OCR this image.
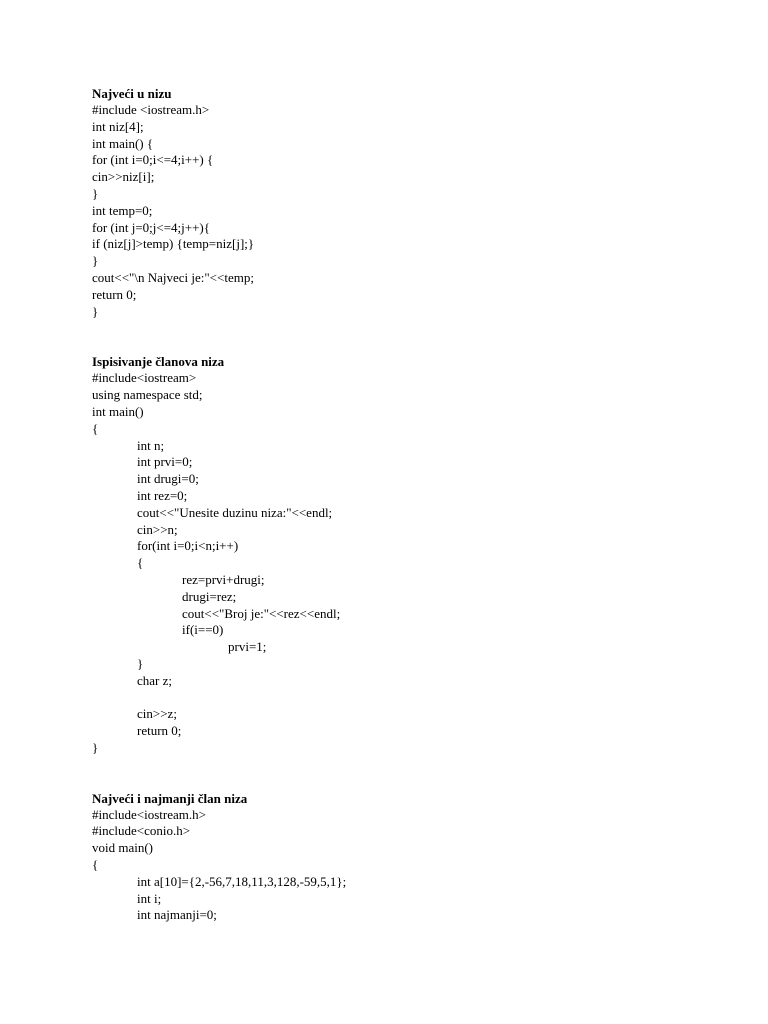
Najveći u nizu
#include <iostream.h>
int niz[4];
int main() {
for (int i=0;i<=4;i++) {
cin>>niz[i];
}
int temp=0;
for (int j=0;j<=4;j++){
if (niz[j]>temp) {temp=niz[j];}
}
cout<<"\n Najveci je:"<<temp;
return 0;
}
Ispisivanje članova niza
#include<iostream>
using namespace std;
int main()
{
int n;
int prvi=0;
int drugi=0;
int rez=0;
cout<<"Unesite duzinu niza:"<<endl;
cin>>n;
for(int i=0;i<n;i++)
{
rez=prvi+drugi;
drugi=rez;
cout<<"Broj je:"<<rez<<endl;
if(i==0)
prvi=1;
}
char z;
cin>>z;
return 0;
}
Najveći i najmanji član niza
#include<iostream.h>
#include<conio.h>
void main()
{
int a[10]={2,-56,7,18,11,3,128,-59,5,1};
int i;
int najmanji=0;
